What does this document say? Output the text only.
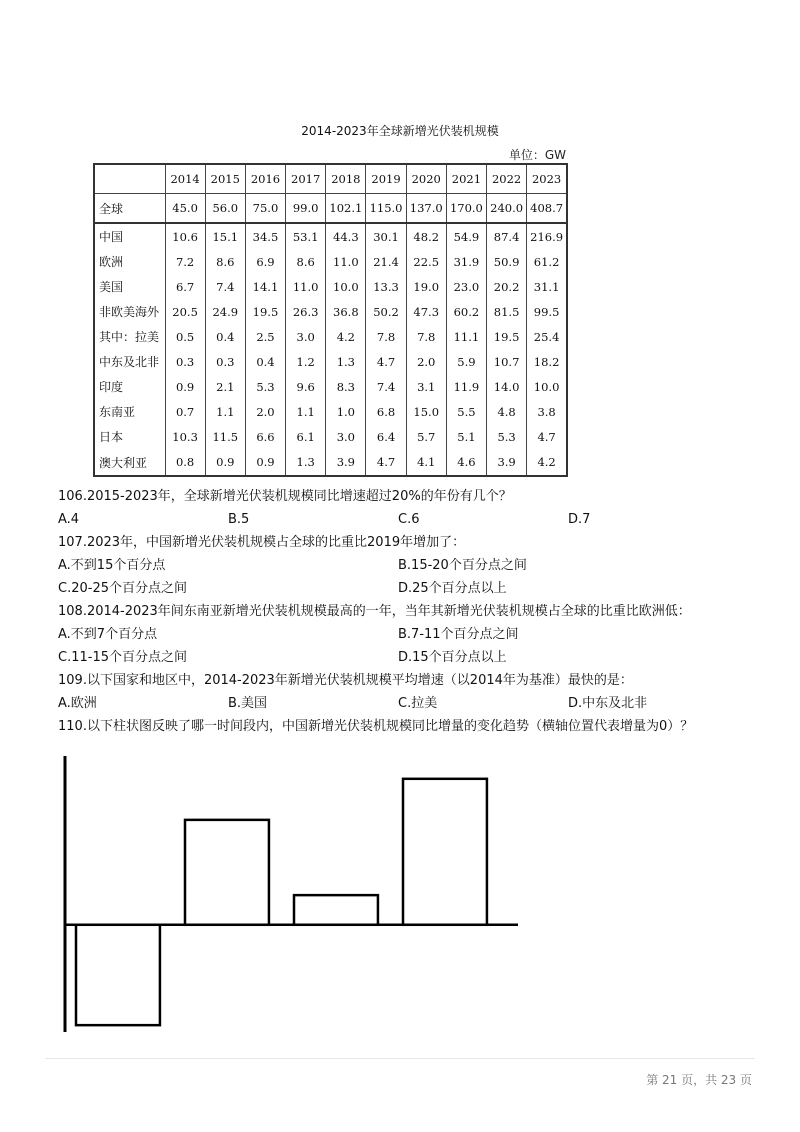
2014-2023年全球新增光伏装机规模
单位：GW
	2014	2015	2016	2017	2018	2019	2020	2021	2022	2023
全球	45.0	56.0	75.0	99.0	102.1	115.0	137.0	170.0	240.0	408.7
中国	10.6	15.1	34.5	53.1	44.3	30.1	48.2	54.9	87.4	216.9
欧洲	7.2	8.6	6.9	8.6	11.0	21.4	22.5	31.9	50.9	61.2
美国	6.7	7.4	14.1	11.0	10.0	13.3	19.0	23.0	20.2	31.1
非欧美海外	20.5	24.9	19.5	26.3	36.8	50.2	47.3	60.2	81.5	99.5
其中：拉美	0.5	0.4	2.5	3.0	4.2	7.8	7.8	11.1	19.5	25.4
中东及北非	0.3	0.3	0.4	1.2	1.3	4.7	2.0	5.9	10.7	18.2
印度	0.9	2.1	5.3	9.6	8.3	7.4	3.1	11.9	14.0	10.0
东南亚	0.7	1.1	2.0	1.1	1.0	6.8	15.0	5.5	4.8	3.8
日本	10.3	11.5	6.6	6.1	3.0	6.4	5.7	5.1	5.3	4.7
澳大利亚	0.8	0.9	0.9	1.3	3.9	4.7	4.1	4.6	3.9	4.2
106.2015-2023年，全球新增光伏装机规模同比增速超过20%的年份有几个？
A.4	B.5	C.6	D.7
107.2023年，中国新增光伏装机规模占全球的比重比2019年增加了：
A.不到15个百分点	B.15-20个百分点之间
C.20-25个百分点之间	D.25个百分点以上
108.2014-2023年间东南亚新增光伏装机规模最高的一年，当年其新增光伏装机规模占全球的比重比欧洲低：
A.不到7个百分点	B.7-11个百分点之间
C.11-15个百分点之间	D.15个百分点以上
109.以下国家和地区中，2014-2023年新增光伏装机规模平均增速（以2014年为基准）最快的是：
A.欧洲	B.美国	C.拉美	D.中东及北非
110.以下柱状图反映了哪一时间段内，中国新增光伏装机规模同比增量的变化趋势（横轴位置代表增量为0）？
第 21 页，共 23 页
